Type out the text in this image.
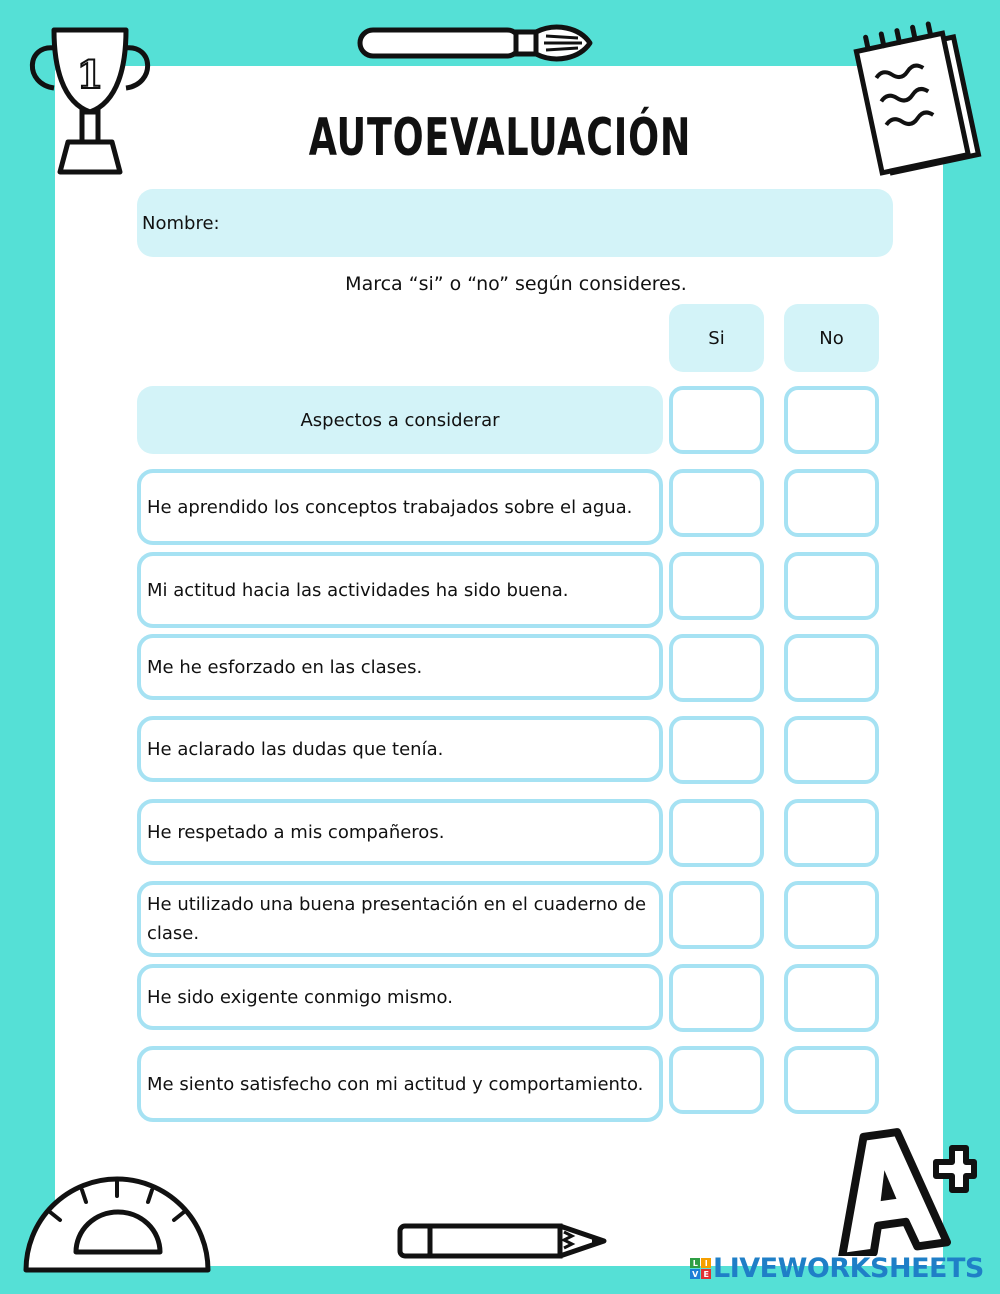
1
AUTOEVALUACIÓN
Nombre:
Marca “si” o “no” según consideres.
Si	No
Aspectos a considerar
He aprendido los conceptos trabajados sobre el agua.
Mi actitud hacia las actividades ha sido buena.
Me he esforzado en las clases.
He aclarado las dudas que tenía.
He respetado a mis compañeros.
He utilizado una buena presentación en el cuaderno de clase.
He sido exigente conmigo mismo.
Me siento satisfecho con mi actitud y comportamiento.
L I
V E LIVEWORKSHEETS
